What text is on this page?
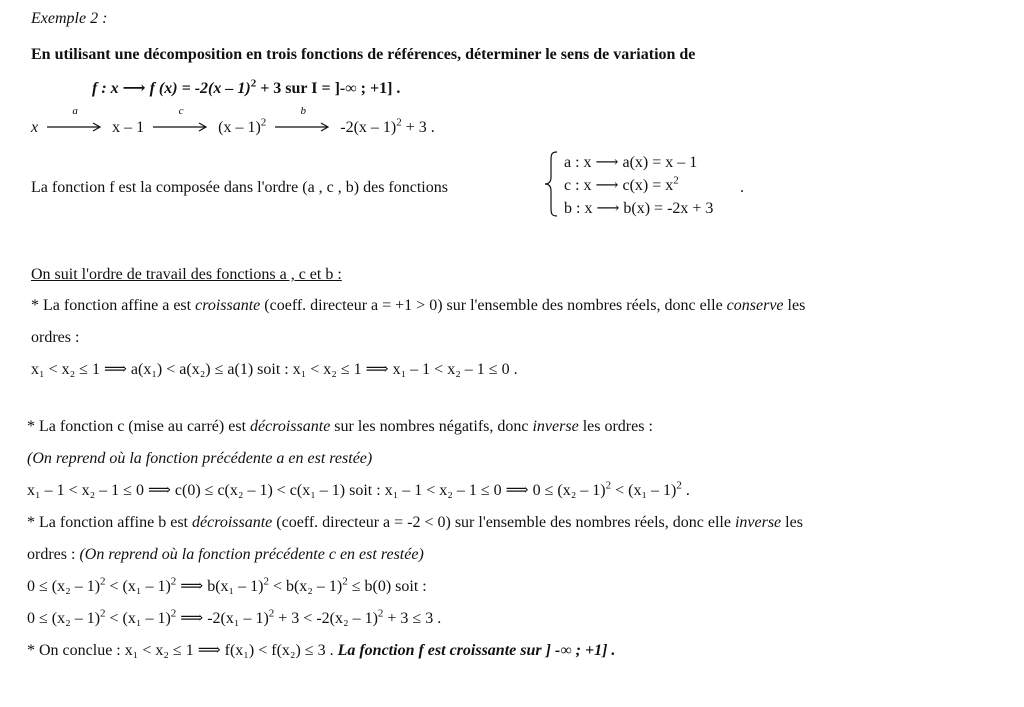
Exemple 2 :
En utilisant une décomposition en trois fonctions de références, déterminer le sens de variation de
f : x ⟶ f (x) = -2(x – 1)$^2$ + 3 sur I = ]-∞ ; +1] .
x
a
x – 1
c
(x – 1)$^2$
b
-2(x – 1)$^2$ + 3 .
La fonction f est la composée dans l'ordre (a , c , b) des fonctions
a : x ⟶ a(x) = x – 1
c : x ⟶ $c(x) = x^2$
b : x ⟶ b(x) = -2x + 3
.
On suit l'ordre de travail des fonctions a , c et b :
* La fonction affine a est croissante (coeff. directeur a = +1 > 0) sur l'ensemble des nombres réels, donc elle conserve les
ordres :
x₁ < x₂ ≤ 1 ⟹ a(x₁) < a(x₂) ≤ a(1) soit : x₁ < x₂ ≤ 1 ⟹ x₁ – 1 < x₂ – 1 ≤ 0 .
* La fonction c (mise au carré) est décroissante sur les nombres négatifs, donc inverse les ordres :
(On reprend où la fonction précédente a en est restée)
x₁ – 1 < x₂ – 1 ≤ 0 ⟹ c(0) ≤ c(x₂ – 1) < c(x₁ – 1) soit : x₁ – 1 < x₂ – 1 ≤ 0 ⟹ 0 ≤ (x₂ – 1)$^2$ < (x₁ – 1)$^2$ .
* La fonction affine b est décroissante (coeff. directeur a = -2 < 0) sur l'ensemble des nombres réels, donc elle inverse les
ordres : (On reprend où la fonction précédente c en est restée)
0 ≤ (x₂ – 1)$^2$ < (x₁ – 1)$^2$ ⟹ b(x₁ – 1)$^2$ < b(x₂ – 1)$^2$ ≤ b(0) soit :
0 ≤ (x₂ – 1)$^2$ < (x₁ – 1)$^2$ ⟹ -2(x₁ – 1)$^2$ + 3 < -2(x₂ – 1)$^2$ + 3 ≤ 3 .
* On conclue : x₁ < x₂ ≤ 1 ⟹ f(x₁) < f(x₂) ≤ 3 . La fonction f est croissante sur ] -∞ ; +1] .
